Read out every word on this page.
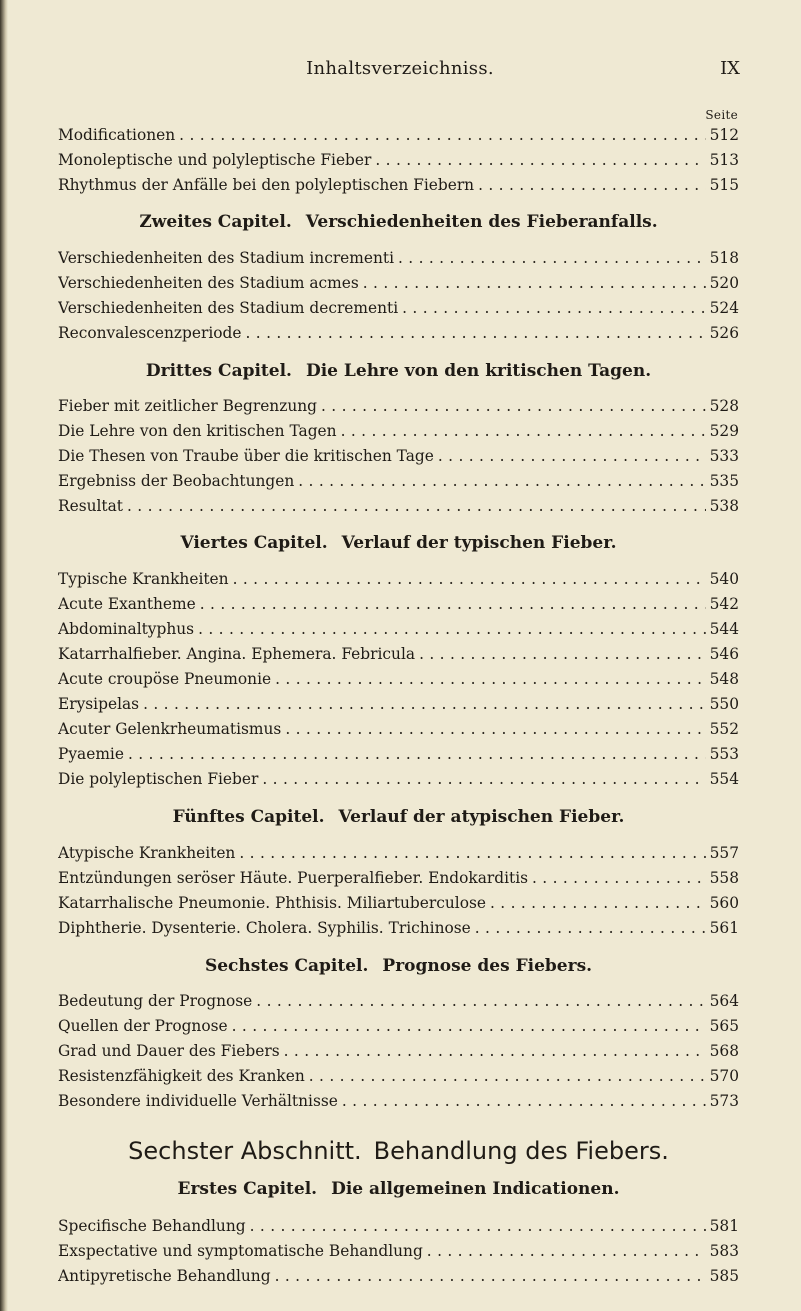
Inhaltsverzeichniss.	IX
Seite
Modificationen .....	512
Monoleptische und polyleptische Fieber .....	513
Rhythmus der Anfälle bei den polyleptischen Fiebern .....	515
Zweites Capitel. Verschiedenheiten des Fieberanfalls.
Verschiedenheiten des Stadium incrementi .....	518
Verschiedenheiten des Stadium acmes .....	520
Verschiedenheiten des Stadium decrementi .....	524
Reconvalescenzperiode .....	526
Drittes Capitel. Die Lehre von den kritischen Tagen.
Fieber mit zeitlicher Begrenzung .....	528
Die Lehre von den kritischen Tagen .....	529
Die Thesen von Traube über die kritischen Tage .....	533
Ergebniss der Beobachtungen .....	535
Resultat .....	538
Viertes Capitel. Verlauf der typischen Fieber.
Typische Krankheiten .....	540
Acute Exantheme .....	542
Abdominaltyphus .....	544
Katarrhalfieber. Angina. Ephemera. Febricula .....	546
Acute croupöse Pneumonie .....	548
Erysipelas .....	550
Acuter Gelenkrheumatismus .....	552
Pyaemie .....	553
Die polyleptischen Fieber .....	554
Fünftes Capitel. Verlauf der atypischen Fieber.
Atypische Krankheiten .....	557
Entzündungen seröser Häute. Puerperalfieber. Endokarditis .....	558
Katarrhalische Pneumonie. Phthisis. Miliartuberculose .....	560
Diphtherie. Dysenterie. Cholera. Syphilis. Trichinose .....	561
Sechstes Capitel. Prognose des Fiebers.
Bedeutung der Prognose .....	564
Quellen der Prognose .....	565
Grad und Dauer des Fiebers .....	568
Resistenzfähigkeit des Kranken .....	570
Besondere individuelle Verhältnisse .....	573
Sechster Abschnitt. Behandlung des Fiebers.
Erstes Capitel. Die allgemeinen Indicationen.
Specifische Behandlung .....	581
Exspectative und symptomatische Behandlung .....	583
Antipyretische Behandlung .....	585
